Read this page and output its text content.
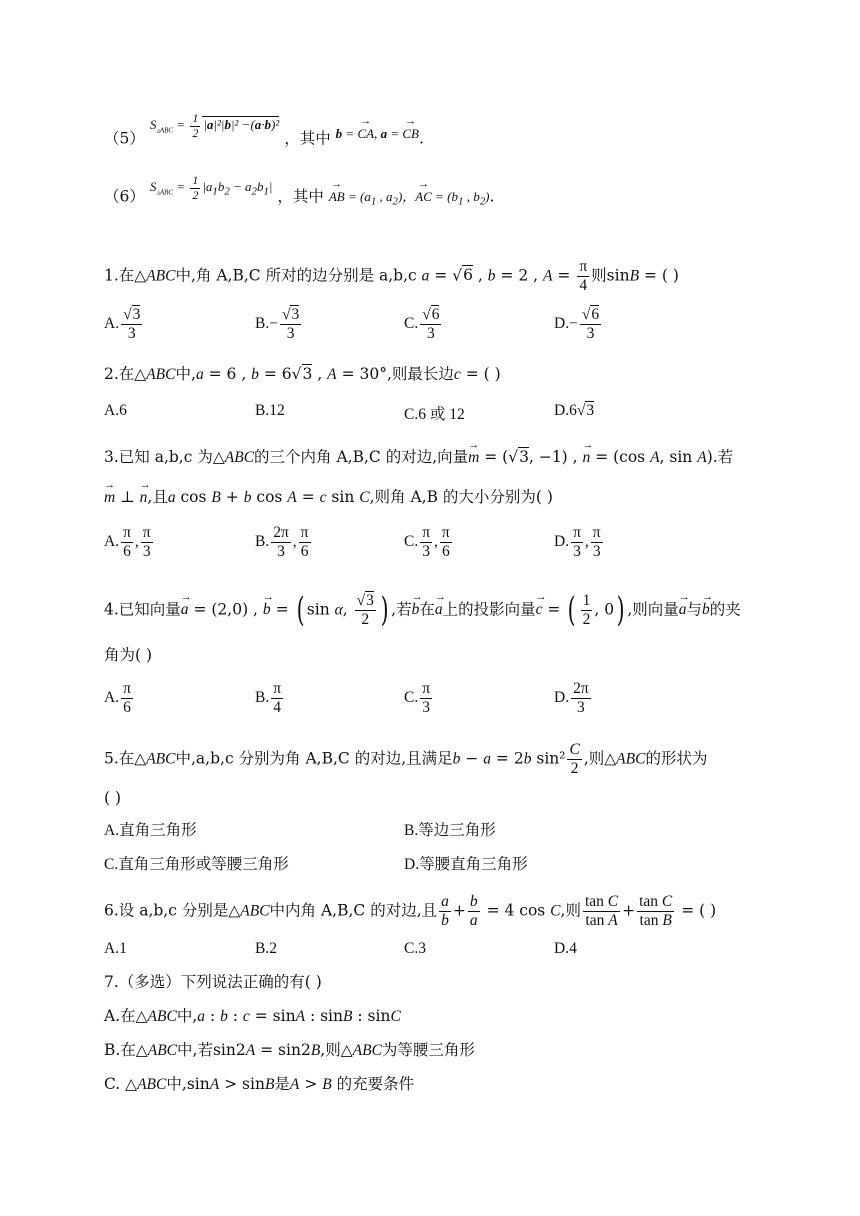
（5） $^{S_{▵ABC} = \frac{1}{2} |a|^2|b|^2 -(a\cdot b)^2}$ ，其中 $^{b = \to CA, a = \to CB}$.
（6） $^{S_{▵ABC} = \frac{1}{2} |a_1b_2 - a_2b_1|}$ ，其中 → AB = ($a_1$ , $a_2$)，→ AC = ($b_1$ , $b_2$).
1.在△ABC中,角 A,B,C 所对的边分别是 a,b,c a = √6 , b = 2 , $A = \frac{\pi}{4}$ 则sinB = ( )
A. $\frac{√3}{3}$	$B.- \frac{√3}{3}$	C. $\frac{√6}{3}$	$D.- \frac{√6}{3}$
2.在△ABC中,a = 6 , b = 6√3 , A = 30°,则最长边c = ( )
A.6	B.12	C.6 或 12	D.6√3
3.已知 a,b,c 为△ABC的三个内角 A,B,C 的对边,向量→ m = (√3, −1) , → n = (cos A, sin A).若
→ m ⊥ → n,且a cos B + b cos A = c sin C,则角 A,B 的大小分别为( )
A. $\frac{\pi}{6}$ , $\frac{\pi}{3}$	B. $\frac{2\pi}{3}$ , $\frac{\pi}{6}$	C. $\frac{\pi}{3}$ , $\frac{\pi}{6}$	D. $\frac{\pi}{3}$ , $\frac{\pi}{3}$
4.已知向量→ a = (2,0) , → b = ( sin α, $\frac{√3}{2}$ ) ,若→ b在→ a上的投影向量→ c = ( $\frac{1}{2}$ , 0) ,则向量→ a与→ b的夹
角为( )
A. $\frac{\pi}{6}$	B. $\frac{\pi}{4}$	C. $\frac{\pi}{3}$	D. $\frac{2\pi}{3}$
5.在△ABC中,a,b,c 分别为角 A,B,C 的对边,且满足b − a = 2b $\sin^2 \frac{C}{2}$ ,则△ABC的形状为
( )
A.直角三角形	B.等边三角形
C.直角三角形或等腰三角形	D.等腰直角三角形
6.设 a,b,c 分别是△ABC中内角 A,B,C 的对边,且 $\frac{a}{b} + \frac{b}{a} = 4$ cos C,则 $\frac{\text{tan C}}{\text{tan A}} + \frac{\text{tan C}}{\text{tan B}}$ = ( )
A.1	B.2	C.3	D.4
7.（多选）下列说法正确的有( )
A.在△ABC中,a : b : c = sinA : sinB : sinC
B.在△ABC中,若sin2A = sin2B,则△ABC为等腰三角形
C. △ABC中,sinA > sinB是A > B 的充要条件
